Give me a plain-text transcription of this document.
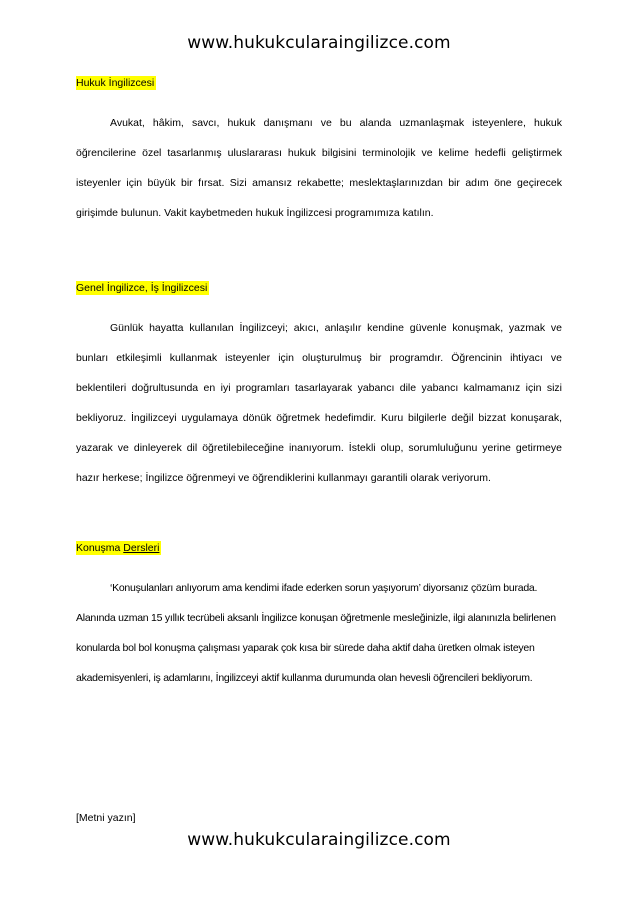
www.hukukcularaingilizce.com
Hukuk İngilizcesi

Avukat, hâkim, savcı, hukuk danışmanı ve bu alanda uzmanlaşmak isteyenlere, hukuk öğrencilerine özel tasarlanmış uluslararası hukuk bilgisini terminolojik ve kelime hedefli geliştirmek isteyenler için büyük bir fırsat. Sizi amansız rekabette; meslektaşlarınızdan bir adım öne geçirecek girişimde bulunun. Vakit kaybetmeden hukuk İngilizcesi programımıza katılın.

Genel İngilizce, İş İngilizcesi

Günlük hayatta kullanılan İngilizceyi; akıcı, anlaşılır kendine güvenle konuşmak, yazmak ve bunları etkileşimli kullanmak isteyenler için oluşturulmuş bir programdır. Öğrencinin ihtiyacı ve beklentileri doğrultusunda en iyi programları tasarlayarak yabancı dile yabancı kalmamanız için sizi bekliyoruz. İngilizceyi uygulamaya dönük öğretmek hedefimdir. Kuru bilgilerle değil bizzat konuşarak, yazarak ve dinleyerek dil öğretilebileceğine inanıyorum. İstekli olup, sorumluluğunu yerine getirmeye hazır herkese; İngilizce öğrenmeyi ve öğrendiklerini kullanmayı garantili olarak veriyorum.

Konuşma Dersleri

‘Konuşulanları anlıyorum ama kendimi ifade ederken sorun yaşıyorum’ diyorsanız çözüm burada. Alanında uzman 15 yıllık tecrübeli aksanlı İngilizce konuşan öğretmenle mesleğinizle, ilgi alanınızla belirlenen konularda bol bol konuşma çalışması yaparak çok kısa bir sürede daha aktif daha üretken olmak isteyen akademisyenleri, iş adamlarını, İngilizceyi aktif kullanma durumunda olan hevesli öğrencileri bekliyorum.

[Metni yazın]
www.hukukcularaingilizce.com
